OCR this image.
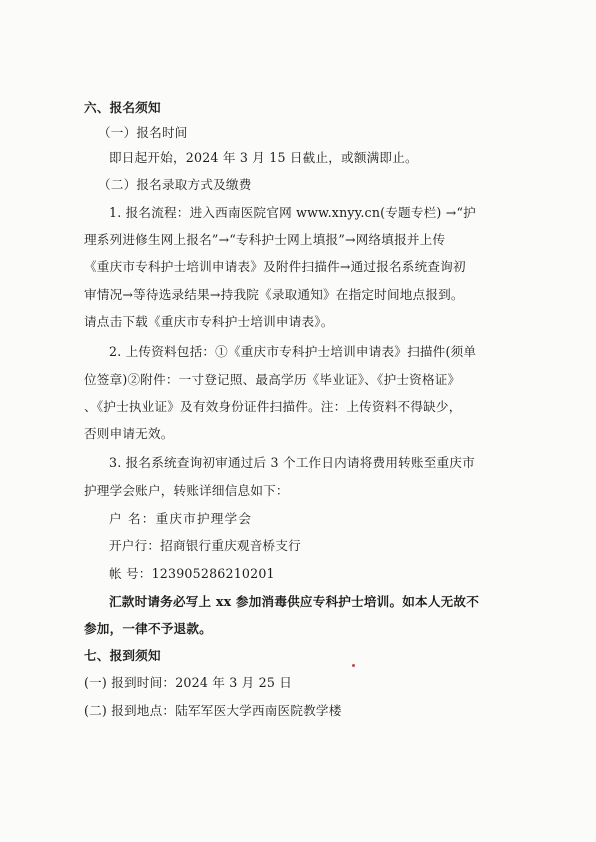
六、报名须知
（一）报名时间
即日起开始，2024 年 3 月 15 日截止，或额满即止。
（二）报名录取方式及缴费
1. 报名流程：进入西南医院官网 www.xnyy.cn(专题专栏) →“护
理系列进修生网上报名”→“专科护士网上填报”→网络填报并上传
《重庆市专科护士培训申请表》及附件扫描件→通过报名系统查询初
审情况→等待选录结果→持我院《录取通知》在指定时间地点报到。
请点击下载《重庆市专科护士培训申请表》。
2. 上传资料包括：①《重庆市专科护士培训申请表》扫描件(须单
位签章)②附件：一寸登记照、最高学历《毕业证》、《护士资格证》
、《护士执业证》及有效身份证件扫描件。注：上传资料不得缺少，
否则申请无效。
3. 报名系统查询初审通过后 3 个工作日内请将费用转账至重庆市
护理学会账户，转账详细信息如下：
户 名：重庆市护理学会
开户行：招商银行重庆观音桥支行
帐 号：123905286210201
汇款时请务必写上 xx 参加消毒供应专科护士培训。如本人无故不
参加，一律不予退款。
七、报到须知
(一) 报到时间：2024 年 3 月 25 日
(二) 报到地点：陆军军医大学西南医院教学楼
